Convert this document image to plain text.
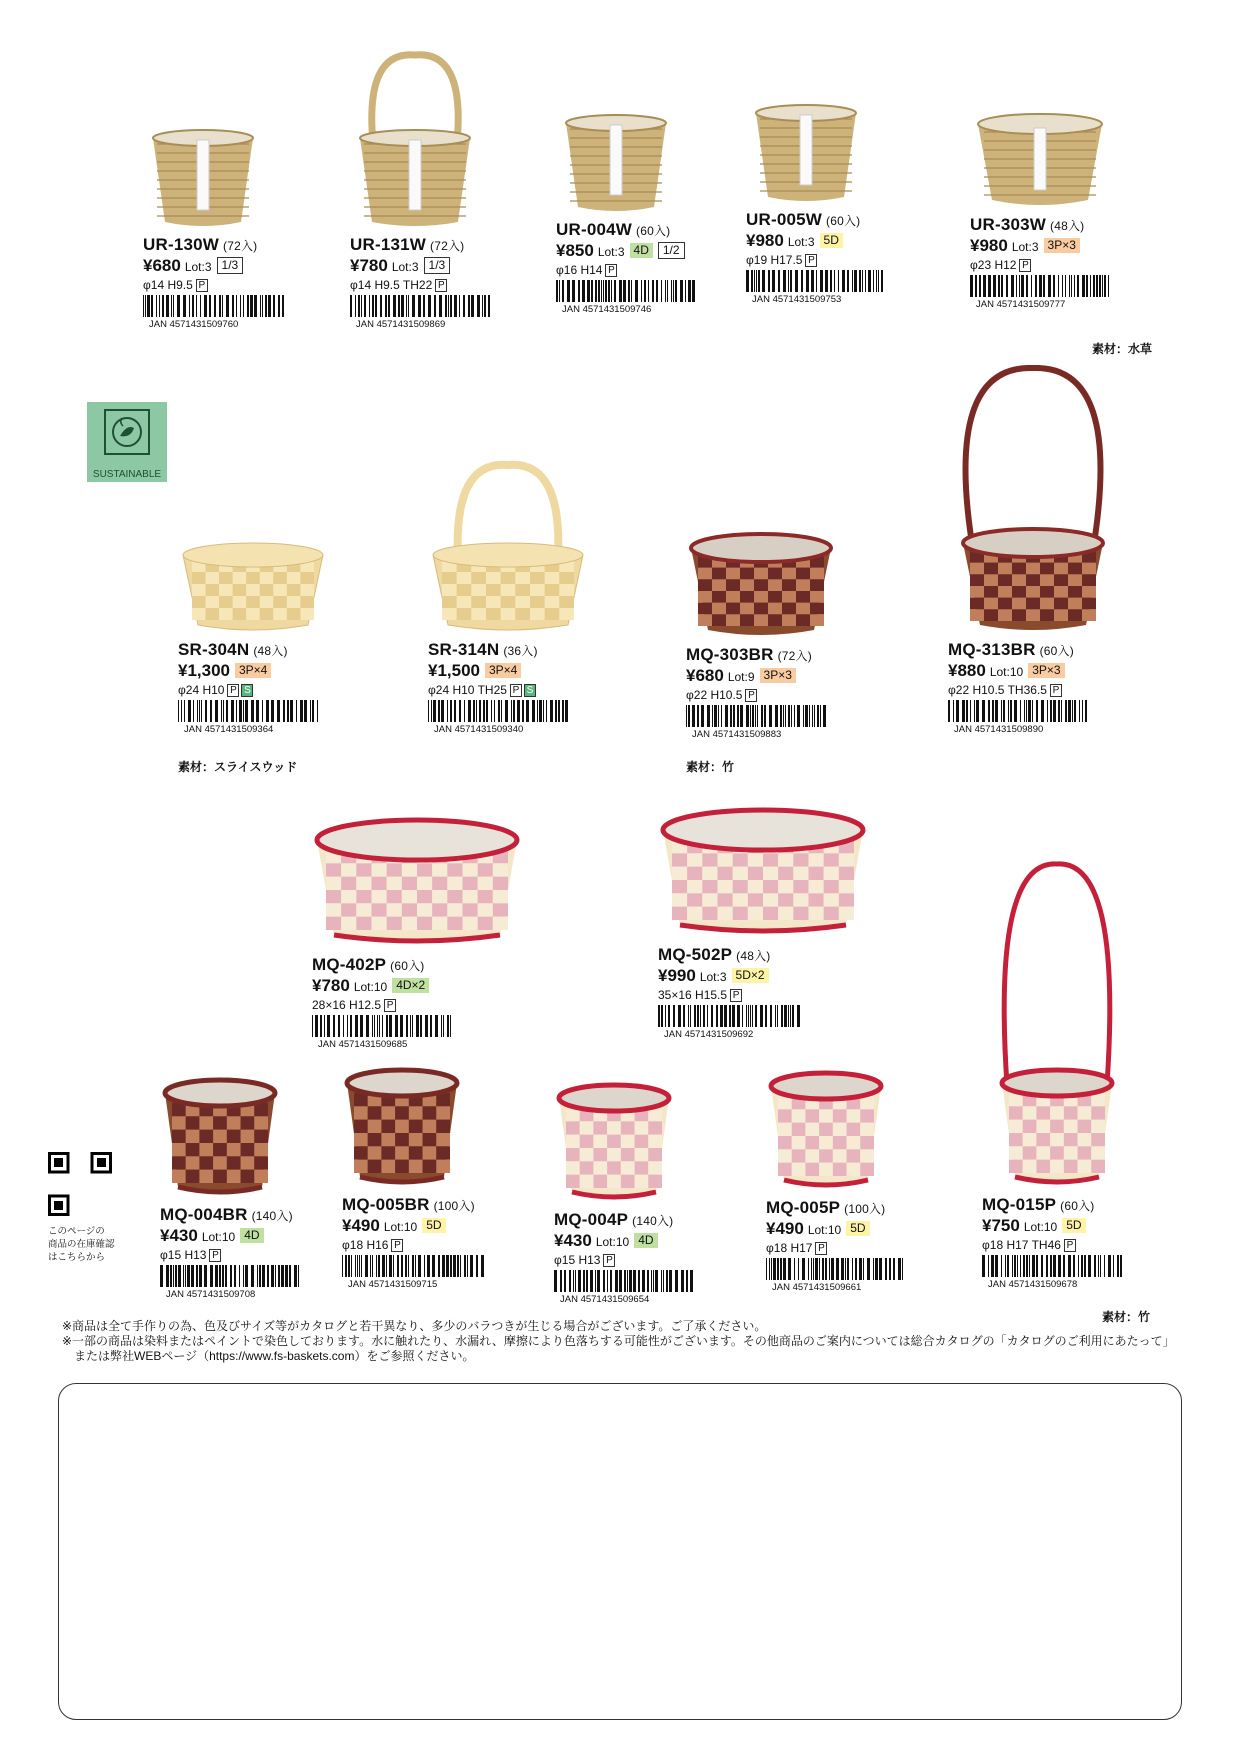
UR-130W (72入)
¥680 Lot:3 1/3
φ14 H9.5 P
JAN 4571431509760
UR-131W (72入)
¥780 Lot:3 1/3
φ14 H9.5 TH22 P
JAN 4571431509869
UR-004W (60入)
¥850 Lot:3 4D 1/2
φ16 H14 P
JAN 4571431509746
UR-005W (60入)
¥980 Lot:3 5D
φ19 H17.5 P
JAN 4571431509753
UR-303W (48入)
¥980 Lot:3 3P×3
φ23 H12 P
JAN 4571431509777
SR-304N (48入)
¥1,300 3P×4
φ24 H10 P S
JAN 4571431509364
SR-314N (36入)
¥1,500 3P×4
φ24 H10 TH25 P S
JAN 4571431509340
MQ-303BR (72入)
¥680 Lot:9 3P×3
φ22 H10.5 P
JAN 4571431509883
MQ-313BR (60入)
¥880 Lot:10 3P×3
φ22 H10.5 TH36.5 P
JAN 4571431509890
MQ-402P (60入)
¥780 Lot:10 4D×2
28×16 H12.5 P
JAN 4571431509685
MQ-502P (48入)
¥990 Lot:3 5D×2
35×16 H15.5 P
JAN 4571431509692
MQ-004BR (140入)
¥430 Lot:10 4D
φ15 H13 P
JAN 4571431509708
MQ-005BR (100入)
¥490 Lot:10 5D
φ18 H16 P
JAN 4571431509715
MQ-004P (140入)
¥430 Lot:10 4D
φ15 H13 P
JAN 4571431509654
MQ-005P (100入)
¥490 Lot:10 5D
φ18 H17 P
JAN 4571431509661
MQ-015P (60入)
¥750 Lot:10 5D
φ18 H17 TH46 P
JAN 4571431509678
素材：水草
素材：スライスウッド	素材：竹
素材：竹
SUSTAINABLE
このページの
商品の在庫確認
はこちらから
※商品は全て手作りの為、色及びサイズ等がカタログと若干異なり、多少のバラつきが生じる場合がございます。ご了承ください。
※一部の商品は染料またはペイントで染色しております。水に触れたり、水漏れ、摩擦により色落ちする可能性がございます。その他商品のご案内については総合カタログの「カタログのご利用にあたって」
　または弊社WEBページ（https://www.fs-baskets.com）をご参照ください。
